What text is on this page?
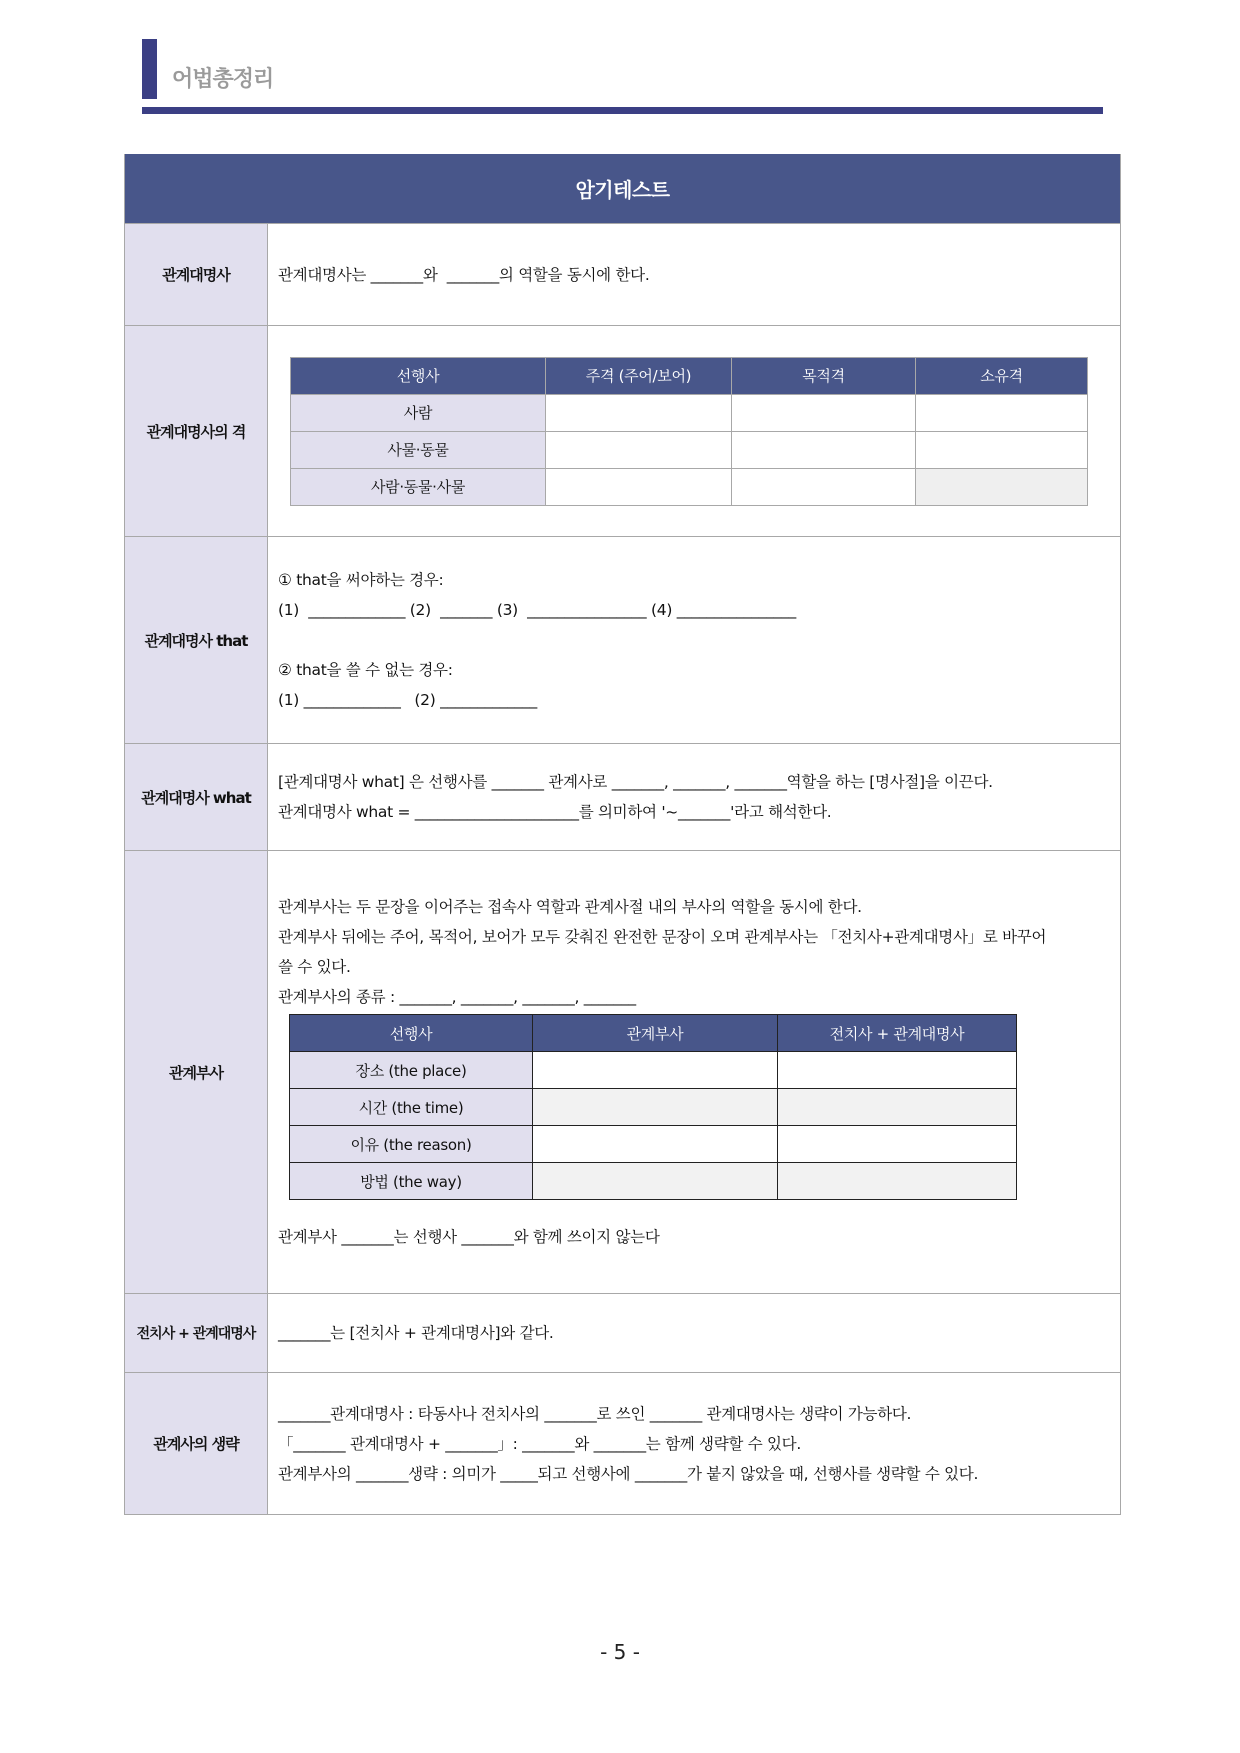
어법총정리
암기테스트
관계대명사	관계대명사는 _______와  _______의 역할을 동시에 한다.
관계대명사의 격
선행사	주격 (주어/보어)	목적격	소유격
사람			
사물·동물			
사람·동물·사물			
관계대명사 that
① that을 써야하는 경우:
(1)  _____________ (2)  _______ (3)  ________________ (4) ________________
② that을 쓸 수 없는 경우:
(1) _____________   (2) _____________
관계대명사 what
[관계대명사 what] 은 선행사를 _______ 관계사로 _______, _______, _______역할을 하는 [명사절]을 이끈다.
관계대명사 what = ______________________를 의미하여 '~_______'라고 해석한다.
관계부사
관계부사는 두 문장을 이어주는 접속사 역할과 관계사절 내의 부사의 역할을 동시에 한다.
관계부사 뒤에는 주어, 목적어, 보어가 모두 갖춰진 완전한 문장이 오며 관계부사는 「전치사+관계대명사」로 바꾸어
쓸 수 있다.
관계부사의 종류 : _______, _______, _______, _______
선행사	관계부사	전치사 + 관계대명사
장소 (the place)		
시간 (the time)		
이유 (the reason)		
방법 (the way)		
관계부사 _______는 선행사 _______와 함께 쓰이지 않는다
전치사 + 관계대명사	_______는 [전치사 + 관계대명사]와 같다.
관계사의 생략
_______관계대명사 : 타동사나 전치사의 _______로 쓰인 _______ 관계대명사는 생략이 가능하다.
「_______ 관계대명사 + _______」: _______와 _______는 함께 생략할 수 있다.
관계부사의 _______생략 : 의미가 _____되고 선행사에 _______가 붙지 않았을 때, 선행사를 생략할 수 있다.
- 5 -
